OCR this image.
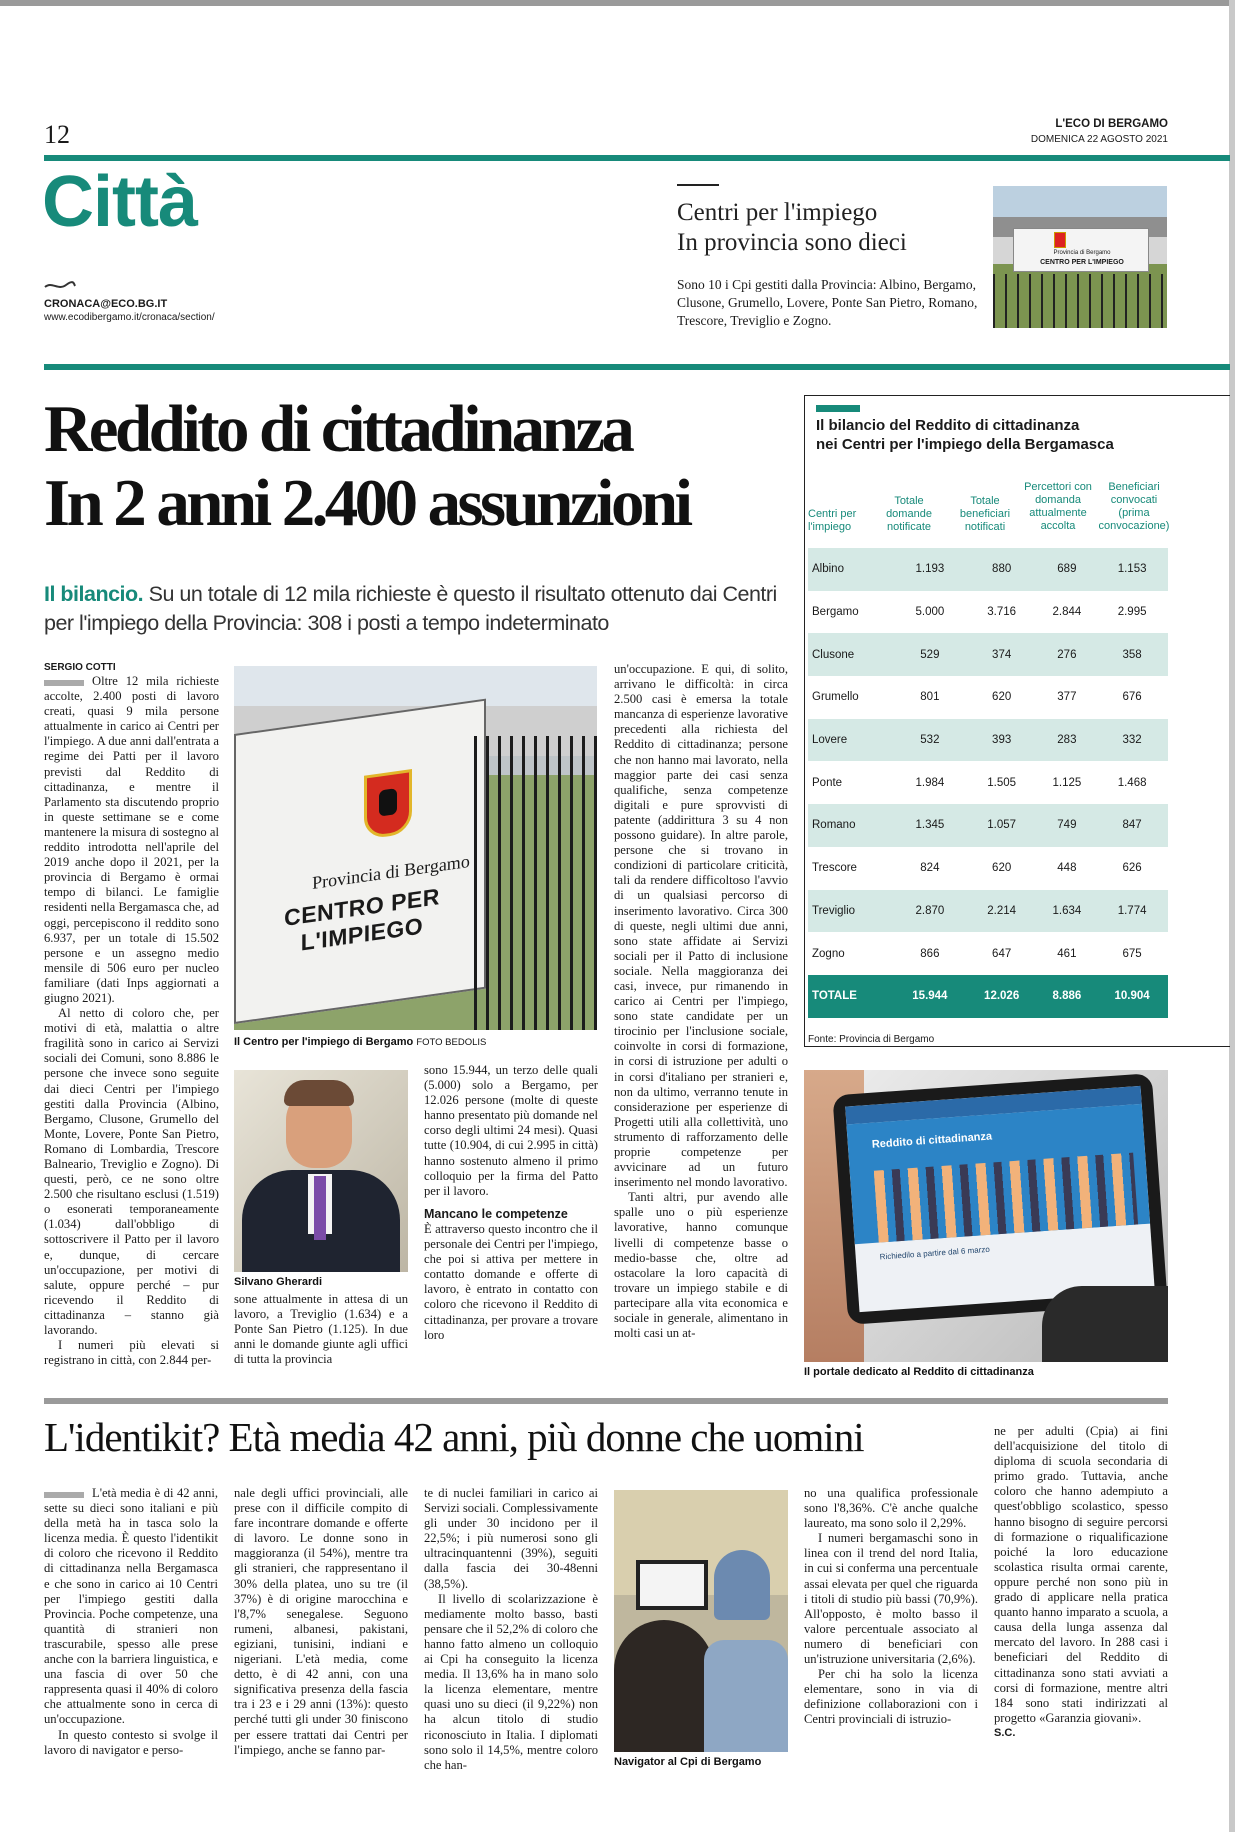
12	L'ECO DI BERGAMO
DOMENICA 22 AGOSTO 2021
Città
CRONACA@ECO.BG.IT
www.ecodibergamo.it/cronaca/section/
Centri per l'impiego
In provincia sono dieci
Sono 10 i Cpi gestiti dalla Provincia: Albino, Bergamo, Clusone, Grumello, Lovere, Ponte San Pietro, Romano, Trescore, Treviglio e Zogno.
Provincia di Bergamo
CENTRO PER L'IMPIEGO
Reddito di cittadinanza
In 2 anni 2.400 assunzioni
Il bilancio. Su un totale di 12 mila richieste è questo il risultato ottenuto dai Centri per l'impiego della Provincia: 308 i posti a tempo indeterminato
SERGIO COTTI

Oltre 12 mila richieste accolte, 2.400 posti di lavoro creati, quasi 9 mila persone attualmente in carico ai Centri per l'impiego. A due anni dall'entrata a regime dei Patti per il lavoro previsti dal Reddito di cittadinanza, e mentre il Parlamento sta discutendo proprio in queste settimane se e come mantenere la misura di sostegno al reddito introdotta nell'aprile del 2019 anche dopo il 2021, per la provincia di Bergamo è ormai tempo di bilanci. Le famiglie residenti nella Bergamasca che, ad oggi, percepiscono il reddito sono 6.937, per un totale di 15.502 persone e un assegno medio mensile di 506 euro per nucleo familiare (dati Inps aggiornati a giugno 2021).

Al netto di coloro che, per motivi di età, malattia o altre fragilità sono in carico ai Servizi sociali dei Comuni, sono 8.886 le persone che invece sono seguite dai dieci Centri per l'impiego gestiti dalla Provincia (Albino, Bergamo, Clusone, Grumello del Monte, Lovere, Ponte San Pietro, Romano di Lombardia, Trescore Balneario, Treviglio e Zogno). Di questi, però, ce ne sono oltre 2.500 che risultano esclusi (1.519) o esonerati temporaneamente (1.034) dall'obbligo di sottoscrivere il Patto per il lavoro e, dunque, di cercare un'occupazione, per motivi di salute, oppure perché – pur ricevendo il Reddito di cittadinanza – stanno già lavorando.

I numeri più elevati si registrano in città, con 2.844 per-

Provincia di Bergamo
CENTRO PER L'IMPIEGO
Il Centro per l'impiego di Bergamo FOTO BEDOLIS
Silvano Gherardi

sone attualmente in attesa di un lavoro, a Treviglio (1.634) e a Ponte San Pietro (1.125). In due anni le domande giunte agli uffici di tutta la provincia

sono 15.944, un terzo delle quali (5.000) solo a Bergamo, per 12.026 persone (molte di queste hanno presentato più domande nel corso degli ultimi 24 mesi). Quasi tutte (10.904, di cui 2.995 in città) hanno sostenuto almeno il primo colloquio per la firma del Patto per il lavoro.

Mancano le competenze

È attraverso questo incontro che il personale dei Centri per l'impiego, che poi si attiva per mettere in contatto domande e offerte di lavoro, è entrato in contatto con coloro che ricevono il Reddito di cittadinanza, per provare a trovare loro

un'occupazione. E qui, di solito, arrivano le difficoltà: in circa 2.500 casi è emersa la totale mancanza di esperienze lavorative precedenti alla richiesta del Reddito di cittadinanza; persone che non hanno mai lavorato, nella maggior parte dei casi senza qualifiche, senza competenze digitali e pure sprovvisti di patente (addirittura 3 su 4 non possono guidare). In altre parole, persone che si trovano in condizioni di particolare criticità, tali da rendere difficoltoso l'avvio di un qualsiasi percorso di inserimento lavorativo. Circa 300 di queste, negli ultimi due anni, sono state affidate ai Servizi sociali per il Patto di inclusione sociale. Nella maggioranza dei casi, invece, pur rimanendo in carico ai Centri per l'impiego, sono state candidate per un tirocinio per l'inclusione sociale, coinvolte in corsi di formazione, in corsi di istruzione per adulti o in corsi d'italiano per stranieri e, non da ultimo, verranno tenute in considerazione per esperienze di Progetti utili alla collettività, uno strumento di rafforzamento delle proprie competenze per avvicinare ad un futuro inserimento nel mondo lavorativo.

Tanti altri, pur avendo alle spalle uno o più esperienze lavorative, hanno comunque livelli di competenze basse o medio-basse che, oltre ad ostacolare la loro capacità di trovare un impiego stabile e di partecipare alla vita economica e sociale in generale, alimentano in molti casi un at-

Il bilancio del Reddito di cittadinanza
nei Centri per l'impiego della Bergamasca
Centri per l'impiego
Totale domande notificate
Totale beneficiari notificati
Percettori con domanda attualmente accolta
Beneficiari convocati (prima convocazione)
Albino	1.193	880	689	1.153
Bergamo	5.000	3.716	2.844	2.995
Clusone	529	374	276	358
Grumello	801	620	377	676
Lovere	532	393	283	332
Ponte	1.984	1.505	1.125	1.468
Romano	1.345	1.057	749	847
Trescore	824	620	448	626
Treviglio	2.870	2.214	1.634	1.774
Zogno	866	647	461	675
TOTALE	15.944	12.026	8.886	10.904
Fonte: Provincia di Bergamo
Reddito di cittadinanza
Richiedilo a partire dal 6 marzo
Il portale dedicato al Reddito di cittadinanza
L'identikit? Età media 42 anni, più donne che uomini

L'età media è di 42 anni, sette su dieci sono italiani e più della metà ha in tasca solo la licenza media. È questo l'identikit di coloro che ricevono il Reddito di cittadinanza nella Bergamasca e che sono in carico ai 10 Centri per l'impiego gestiti dalla Provincia. Poche competenze, una quantità di stranieri non trascurabile, spesso alle prese anche con la barriera linguistica, e una fascia di over 50 che rappresenta quasi il 40% di coloro che attualmente sono in cerca di un'occupazione.

In questo contesto si svolge il lavoro di navigator e perso-

nale degli uffici provinciali, alle prese con il difficile compito di fare incontrare domande e offerte di lavoro. Le donne sono in maggioranza (il 54%), mentre tra gli stranieri, che rappresentano il 30% della platea, uno su tre (il 37%) è di origine marocchina e l'8,7% senegalese. Seguono rumeni, albanesi, pakistani, egiziani, tunisini, indiani e nigeriani. L'età media, come detto, è di 42 anni, con una significativa presenza della fascia tra i 23 e i 29 anni (13%): questo perché tutti gli under 30 finiscono per essere trattati dai Centri per l'impiego, anche se fanno par-

te di nuclei familiari in carico ai Servizi sociali. Complessivamente gli under 30 incidono per il 22,5%; i più numerosi sono gli ultracinquantenni (39%), seguiti dalla fascia dei 30-48enni (38,5%).

Il livello di scolarizzazione è mediamente molto basso, basti pensare che il 52,2% di coloro che hanno fatto almeno un colloquio ai Cpi ha conseguito la licenza media. Il 13,6% ha in mano solo la licenza elementare, mentre quasi uno su dieci (il 9,22%) non ha alcun titolo di studio riconosciuto in Italia. I diplomati sono solo il 14,5%, mentre coloro che han-	Navigator al Cpi di Bergamo

no una qualifica professionale sono l'8,36%. C'è anche qualche laureato, ma sono solo il 2,29%.

I numeri bergamaschi sono in linea con il trend del nord Italia, in cui si conferma una percentuale assai elevata per quel che riguarda i titoli di studio più bassi (70,9%). All'opposto, è molto basso il valore percentuale associato al numero di beneficiari con un'istruzione universitaria (2,6%).

Per chi ha solo la licenza elementare, sono in via di definizione collaborazioni con i Centri provinciali di istruzio-

ne per adulti (Cpia) ai fini dell'acquisizione del titolo di diploma di scuola secondaria di primo grado. Tuttavia, anche coloro che hanno adempiuto a quest'obbligo scolastico, spesso hanno bisogno di seguire percorsi di formazione o riqualificazione poiché la loro educazione scolastica risulta ormai carente, oppure perché non sono più in grado di applicare nella pratica quanto hanno imparato a scuola, a causa della lunga assenza dal mercato del lavoro. In 288 casi i beneficiari del Reddito di cittadinanza sono stati avviati a corsi di formazione, mentre altri 184 sono stati indirizzati al progetto «Garanzia giovani».

S.C.
